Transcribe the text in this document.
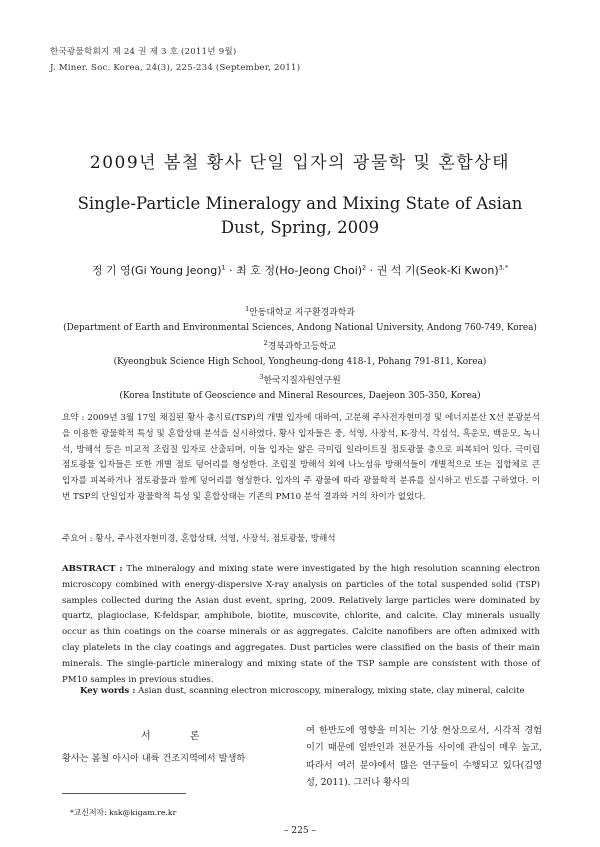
한국광물학회지 제 24 권 제 3 호 (2011년 9월)
J. Miner. Soc. Korea, 24(3), 225-234 (September, 2011)
2009년 봄철 황사 단일 입자의 광물학 및 혼합상태
Single-Particle Mineralogy and Mixing State of Asian Dust, Spring, 2009
정 기 영(Gi Young Jeong)$^1$ · 최 호 정(Ho-Jeong Choi)$^2$ · 권 석 기(Seok-Ki Kwon)$^{3,*}$
$^1$안동대학교 지구환경과학과
(Department of Earth and Environmental Sciences, Andong National University, Andong 760-749, Korea)
$^2$경북과학고등학교
(Kyeongbuk Science High School, Yongheung-dong 418-1, Pohang 791-811, Korea)
$^3$한국지질자원연구원
(Korea Institute of Geoscience and Mineral Resources, Daejeon 305-350, Korea)
요약 : 2009년 3월 17일 채집된 황사 총시료(TSP)의 개별 입자에 대하여, 고분해 주사전자현미경 및 에너지분산 X선 분광분석을 이용한 광물학적 특성 및 혼합상태 분석을 실시하였다. 황사 입자들은 중, 석영, 사장석, K-장석, 각섬석, 흑운모, 백운모, 녹니석, 방해석 등은 비교적 조립질 입자로 산출되며, 이들 입자는 얇은 극미립 일라이트질 점토광물 층으로 피복되어 있다. 극미립 점토광물 입자들은 또한 개별 점토 덩어리를 형성한다. 조립질 방해석 외에 나노섬유 방해석들이 개별적으로 또는 집합체로 큰 입자를 피복하거나 점토광물과 함께 덩어리를 형성한다. 입자의 주 광물에 따라 광물학적 분류를 실시하고 빈도를 구하였다. 이번 TSP의 단일입자 광물학적 특성 및 혼합상태는 기존의 PM10 분석 결과와 거의 차이가 없었다.
주요어 : 황사, 주사전자현미경, 혼합상태, 석영, 사장석, 점토광물, 방해석
ABSTRACT : The mineralogy and mixing state were investigated by the high resolution scanning electron microscopy combined with energy-dispersive X-ray analysis on particles of the total suspended solid (TSP) samples collected during the Asian dust event, spring, 2009. Relatively large particles were dominated by quartz, plagioclase, K-feldspar, amphibole, biotite, muscovite, chlorite, and calcite. Clay minerals usually occur as thin coatings on the coarse minerals or as aggregates. Calcite nanofibers are often admixed with clay platelets in the clay coatings and aggregates. Dust particles were classified on the basis of their main minerals. The single-particle mineralogy and mixing state of the TSP sample are consistent with those of PM10 samples in previous studies.
Key words : Asian dust, scanning electron microscopy, mineralogy, mixing state, clay mineral, calcite
서 론
황사는 봄철 아시아 내륙 건조지역에서 발생하
여 한반도에 영향을 미치는 기상 현상으로서, 시각적 경험이기 때문에 일반인과 전문가들 사이에 관심이 매우 높고, 따라서 여러 분야에서 많은 연구들이 수행되고 있다(김영성, 2011). 그러나 황사의
*교신저자: ksk@kigam.re.kr
– 225 –
